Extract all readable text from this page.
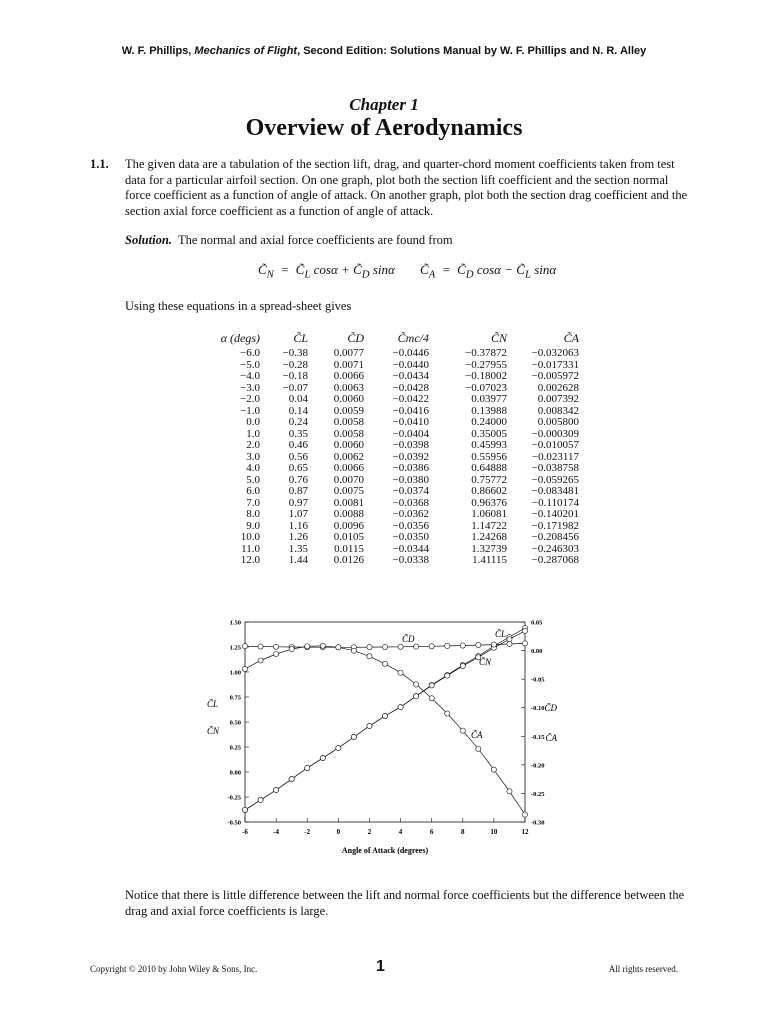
W. F. Phillips, Mechanics of Flight, Second Edition: Solutions Manual by W. F. Phillips and N. R. Alley
Chapter 1
Overview of Aerodynamics
1.1. The given data are a tabulation of the section lift, drag, and quarter-chord moment coefficients taken from test data for a particular airfoil section. On one graph, plot both the section lift coefficient and the section normal force coefficient as a function of angle of attack. On another graph, plot both the section drag coefficient and the section axial force coefficient as a function of angle of attack.
Solution. The normal and axial force coefficients are found from
$C̃_N$  =  $C̃_L$ $\cos\alpha + C̃_D$ sinα $C̃_A$  =  $C̃_D$ $\cos\alpha - C̃_L$ sinα
Using these equations in a spread-sheet gives
α (degs)	C̃L	C̃D	C̃mc/4	C̃N	C̃A
−6.0	−0.38	0.0077	−0.0446	−0.37872	−0.032063
−5.0	−0.28	0.0071	−0.0440	−0.27955	−0.017331
−4.0	−0.18	0.0066	−0.0434	−0.18002	−0.005972
−3.0	−0.07	0.0063	−0.0428	−0.07023	0.002628
−2.0	0.04	0.0060	−0.0422	0.03977	0.007392
−1.0	0.14	0.0059	−0.0416	0.13988	0.008342
0.0	0.24	0.0058	−0.0410	0.24000	0.005800
1.0	0.35	0.0058	−0.0404	0.35005	−0.000309
2.0	0.46	0.0060	−0.0398	0.45993	−0.010057
3.0	0.56	0.0062	−0.0392	0.55956	−0.023117
4.0	0.65	0.0066	−0.0386	0.64888	−0.038758
5.0	0.76	0.0070	−0.0380	0.75772	−0.059265
6.0	0.87	0.0075	−0.0374	0.86602	−0.083481
7.0	0.97	0.0081	−0.0368	0.96376	−0.110174
8.0	1.07	0.0088	−0.0362	1.06081	−0.140201
9.0	1.16	0.0096	−0.0356	1.14722	−0.171982
10.0	1.26	0.0105	−0.0350	1.24268	−0.208456
11.0	1.35	0.0115	−0.0344	1.32739	−0.246303
12.0	1.44	0.0126	−0.0338	1.41115	−0.287068
-6	-4	-2	0	2	4	6	8	10	12
1.50
1.25
1.00
0.75
0.50
0.25
0.00
-0.25
-0.50
0.05
0.00
-0.05
-0.10
-0.15
-0.20
-0.25
-0.30
Angle of Attack (degrees)
C̃L
C̃N
C̃D
C̃A
C̃D	C̃L
C̃N
C̃A
Notice that there is little difference between the lift and normal force coefficients but the difference between the drag and axial force coefficients is large.
Copyright © 2010 by John Wiley & Sons, Inc.	1	All rights reserved.
